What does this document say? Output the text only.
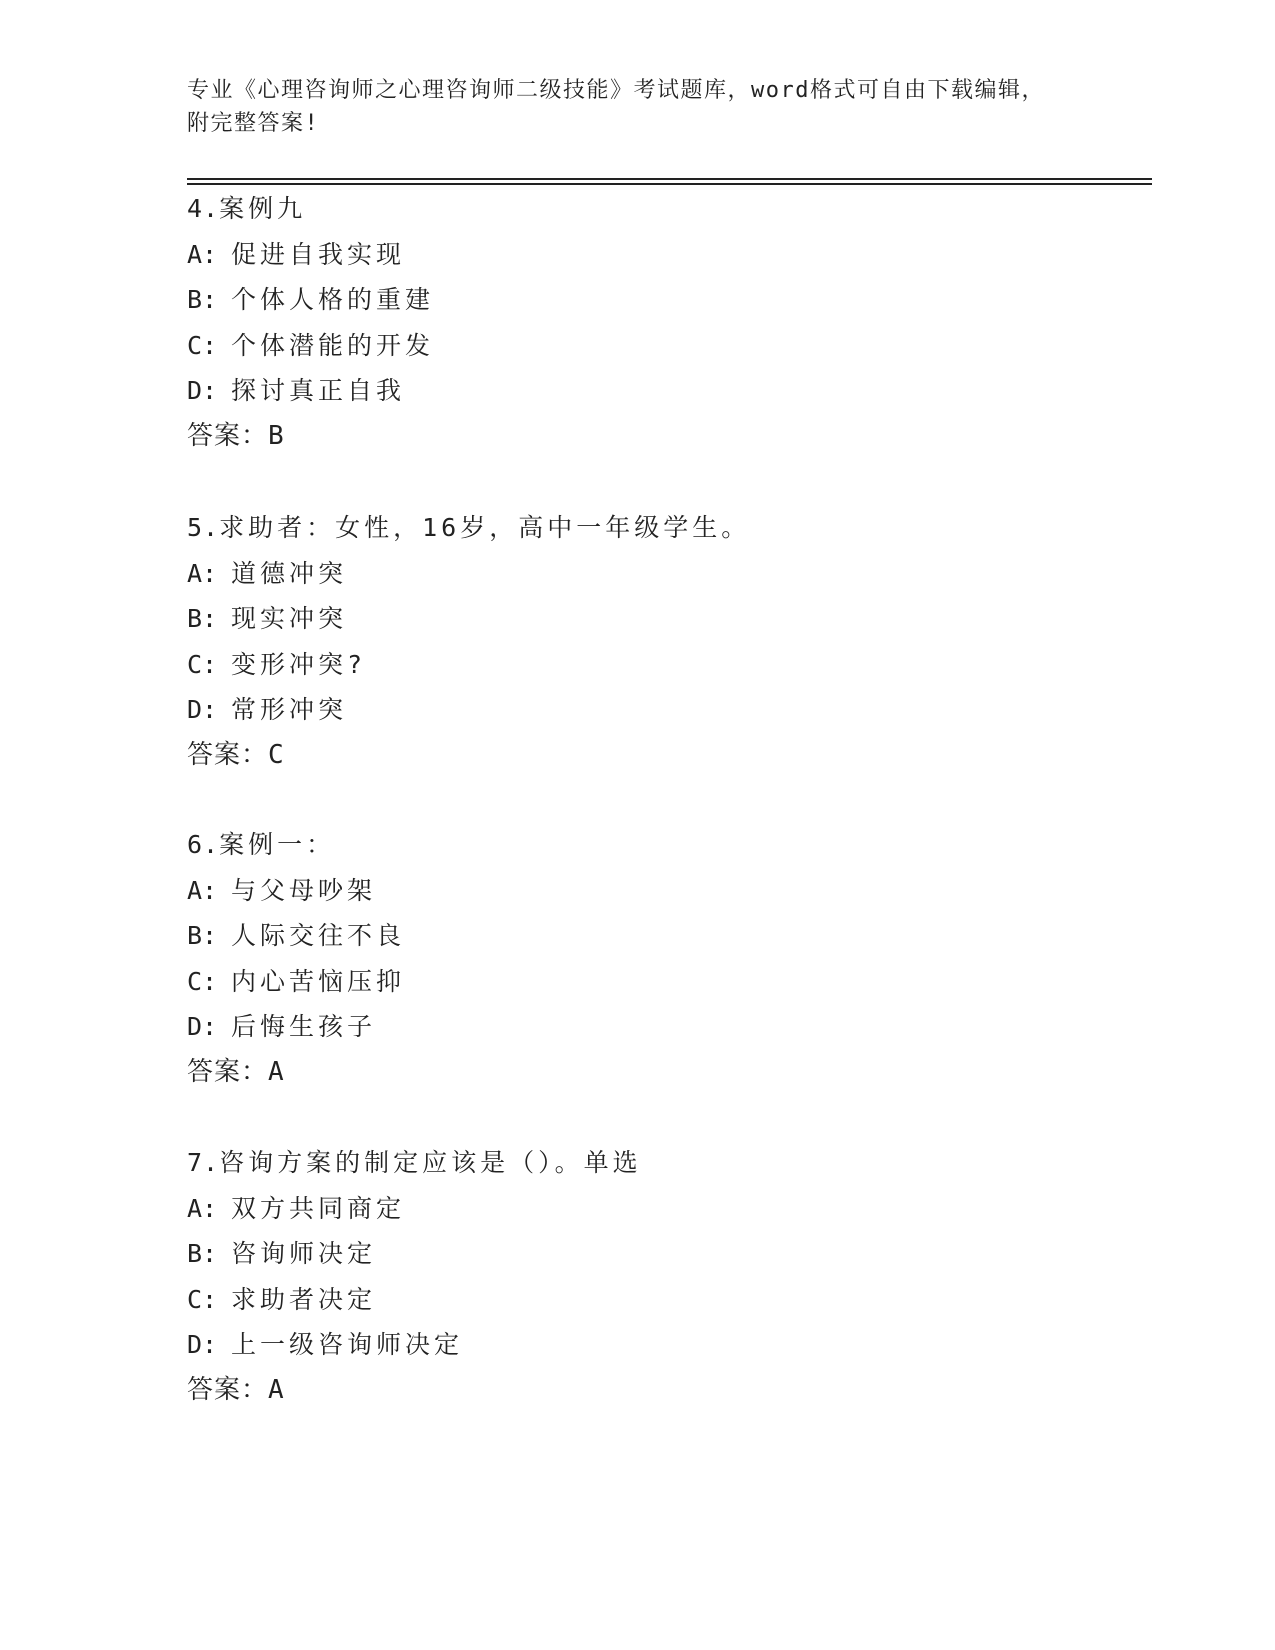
专业《心理咨询师之心理咨询师二级技能》考试题库，word格式可自由下载编辑，附完整答案!
4.案例九
A: 促进自我实现
B: 个体人格的重建
C: 个体潜能的开发
D: 探讨真正自我
答案：B
5.求助者：女性，16岁，高中一年级学生。
A: 道德冲突
B: 现实冲突
C: 变形冲突?
D: 常形冲突
答案：C
6.案例一：
A: 与父母吵架
B: 人际交往不良
C: 内心苦恼压抑
D: 后悔生孩子
答案：A
7.咨询方案的制定应该是（）。单选
A: 双方共同商定
B: 咨询师决定
C: 求助者决定
D: 上一级咨询师决定
答案：A
